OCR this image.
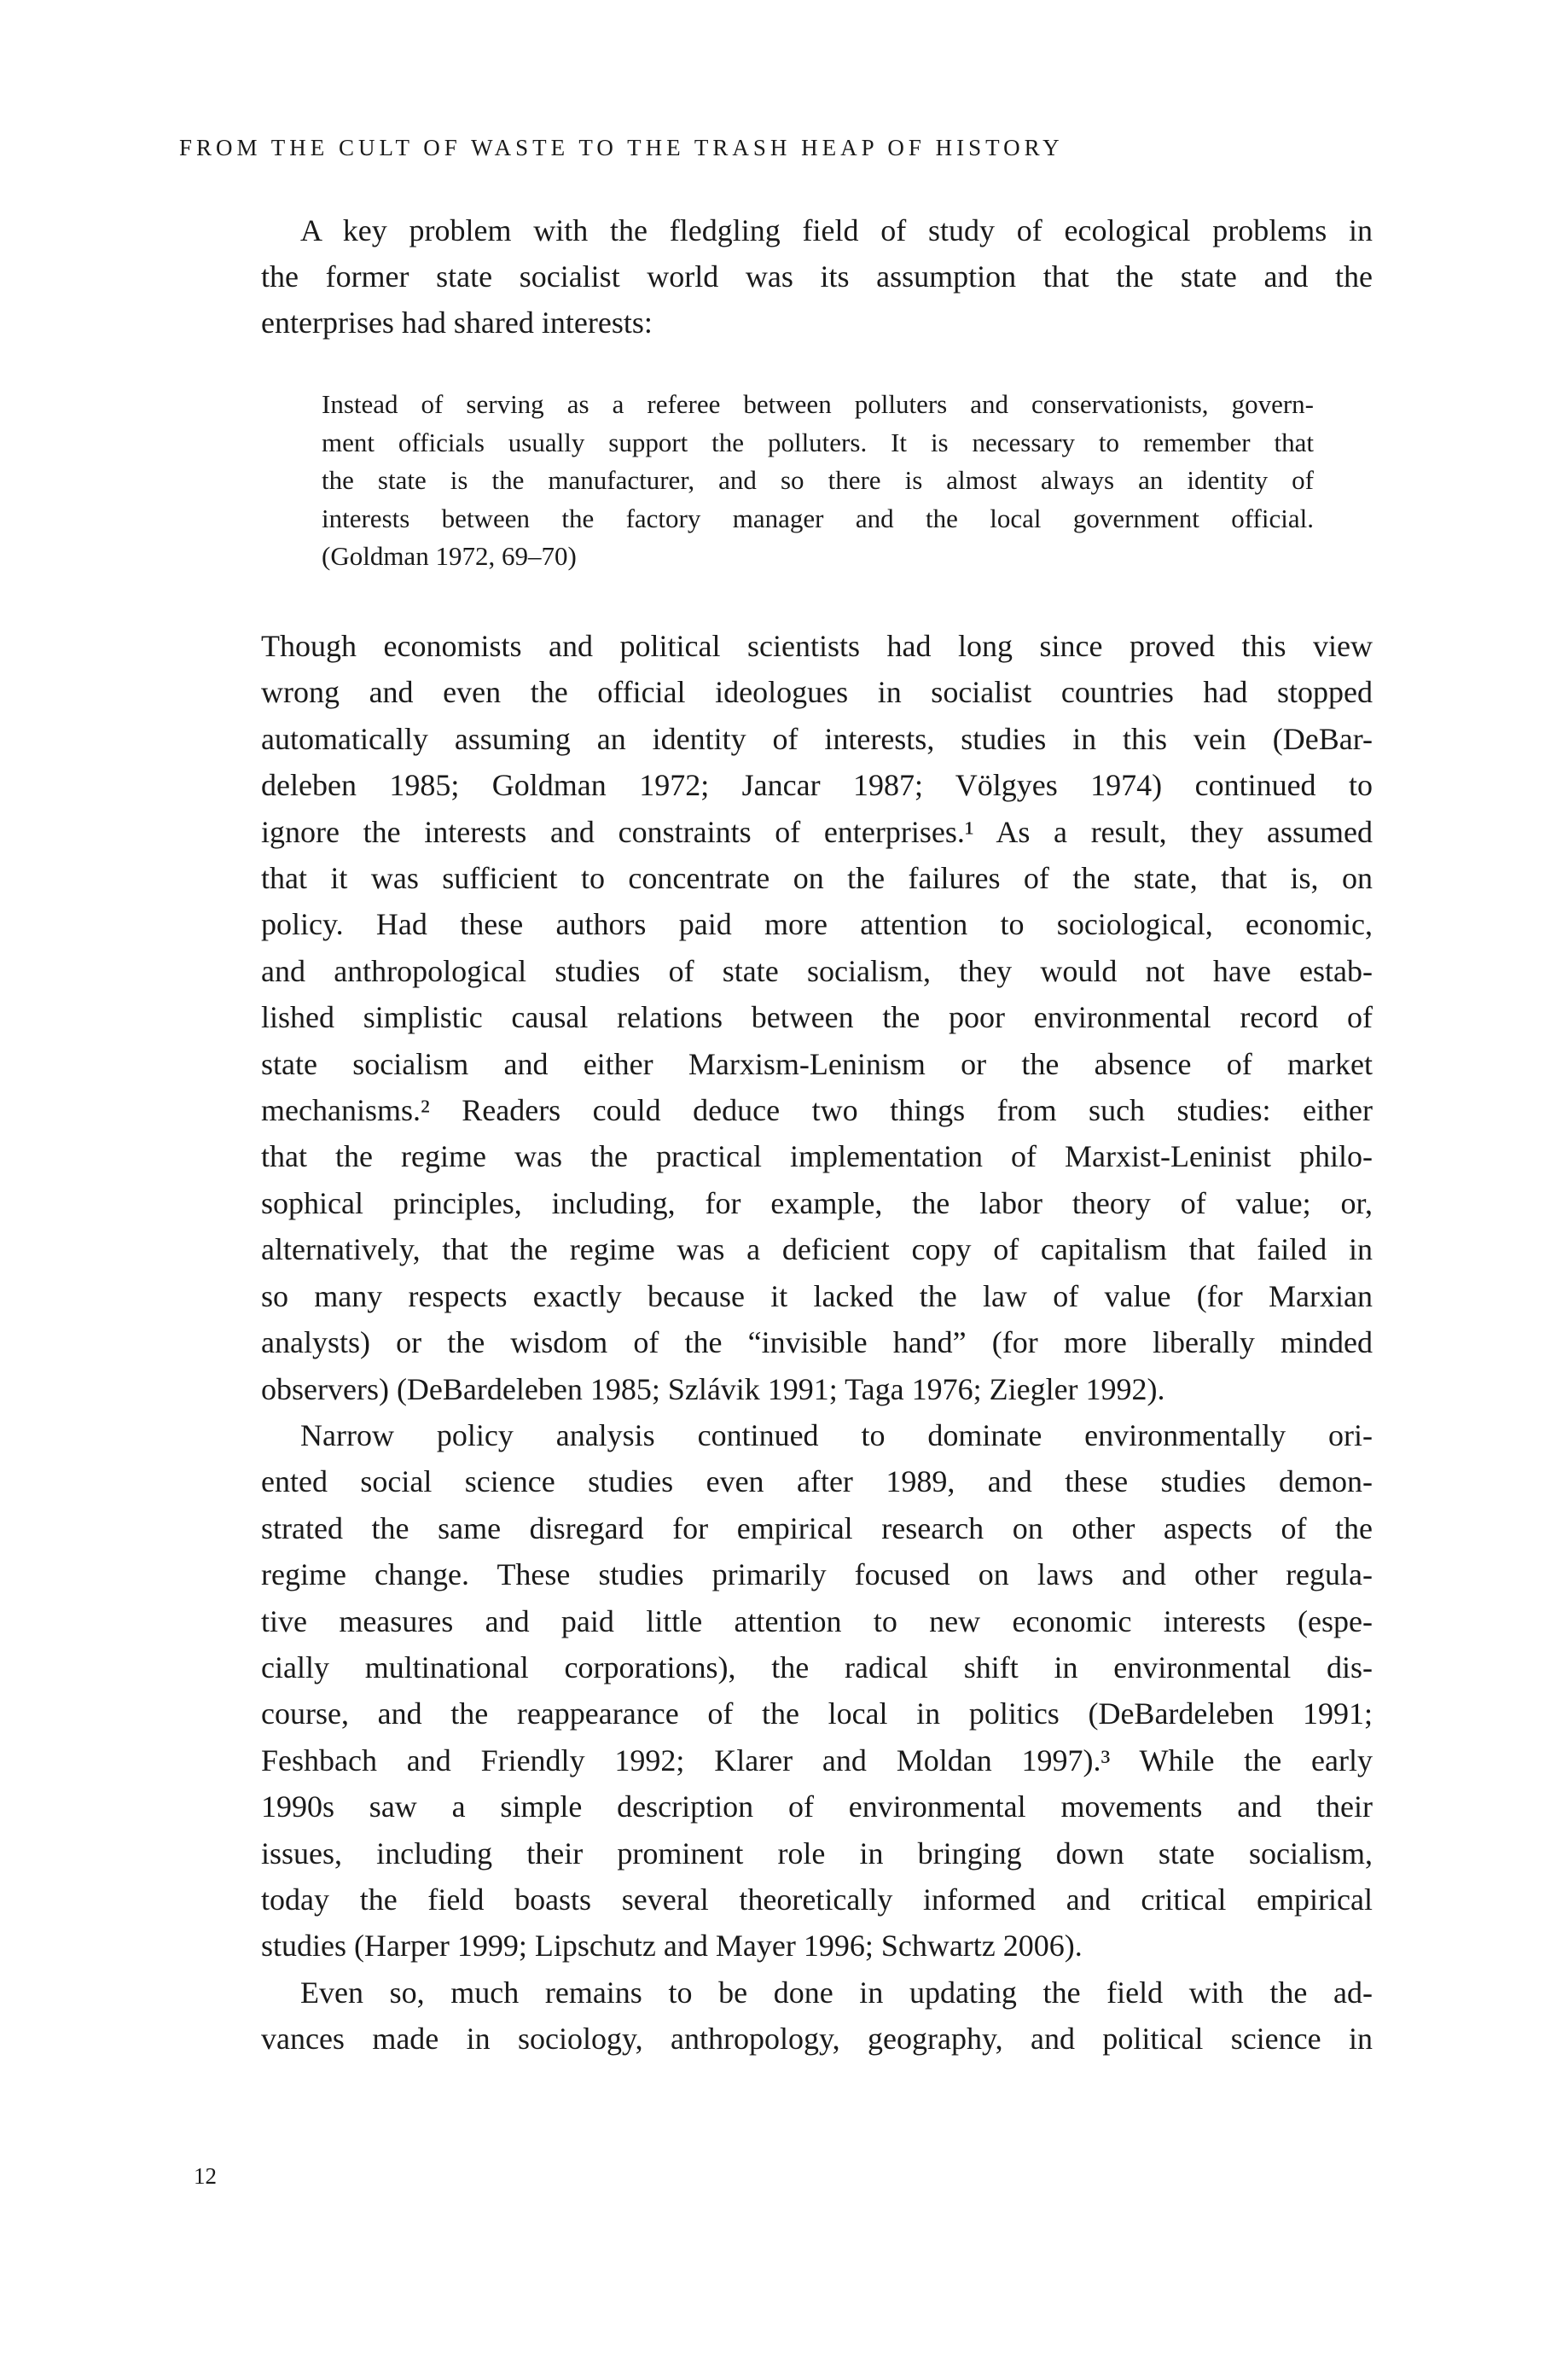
FROM THE CULT OF WASTE TO THE TRASH HEAP OF HISTORY
A key problem with the fledgling field of study of ecological problems in
the former state socialist world was its assumption that the state and the
enterprises had shared interests:
Instead of serving as a referee between polluters and conservationists, govern-
ment officials usually support the polluters. It is necessary to remember that
the state is the manufacturer, and so there is almost always an identity of
interests between the factory manager and the local government official.
(Goldman 1972, 69–70)
Though economists and political scientists had long since proved this view
wrong and even the official ideologues in socialist countries had stopped
automatically assuming an identity of interests, studies in this vein (DeBar-
deleben 1985; Goldman 1972; Jancar 1987; Völgyes 1974) continued to
ignore the interests and constraints of enterprises.¹ As a result, they assumed
that it was sufficient to concentrate on the failures of the state, that is, on
policy. Had these authors paid more attention to sociological, economic,
and anthropological studies of state socialism, they would not have estab-
lished simplistic causal relations between the poor environmental record of
state socialism and either Marxism-Leninism or the absence of market
mechanisms.² Readers could deduce two things from such studies: either
that the regime was the practical implementation of Marxist-Leninist philo-
sophical principles, including, for example, the labor theory of value; or,
alternatively, that the regime was a deficient copy of capitalism that failed in
so many respects exactly because it lacked the law of value (for Marxian
analysts) or the wisdom of the “invisible hand” (for more liberally minded
observers) (DeBardeleben 1985; Szlávik 1991; Taga 1976; Ziegler 1992).
Narrow policy analysis continued to dominate environmentally ori-
ented social science studies even after 1989, and these studies demon-
strated the same disregard for empirical research on other aspects of the
regime change. These studies primarily focused on laws and other regula-
tive measures and paid little attention to new economic interests (espe-
cially multinational corporations), the radical shift in environmental dis-
course, and the reappearance of the local in politics (DeBardeleben 1991;
Feshbach and Friendly 1992; Klarer and Moldan 1997).³ While the early
1990s saw a simple description of environmental movements and their
issues, including their prominent role in bringing down state socialism,
today the field boasts several theoretically informed and critical empirical
studies (Harper 1999; Lipschutz and Mayer 1996; Schwartz 2006).
Even so, much remains to be done in updating the field with the ad-
vances made in sociology, anthropology, geography, and political science in
12
